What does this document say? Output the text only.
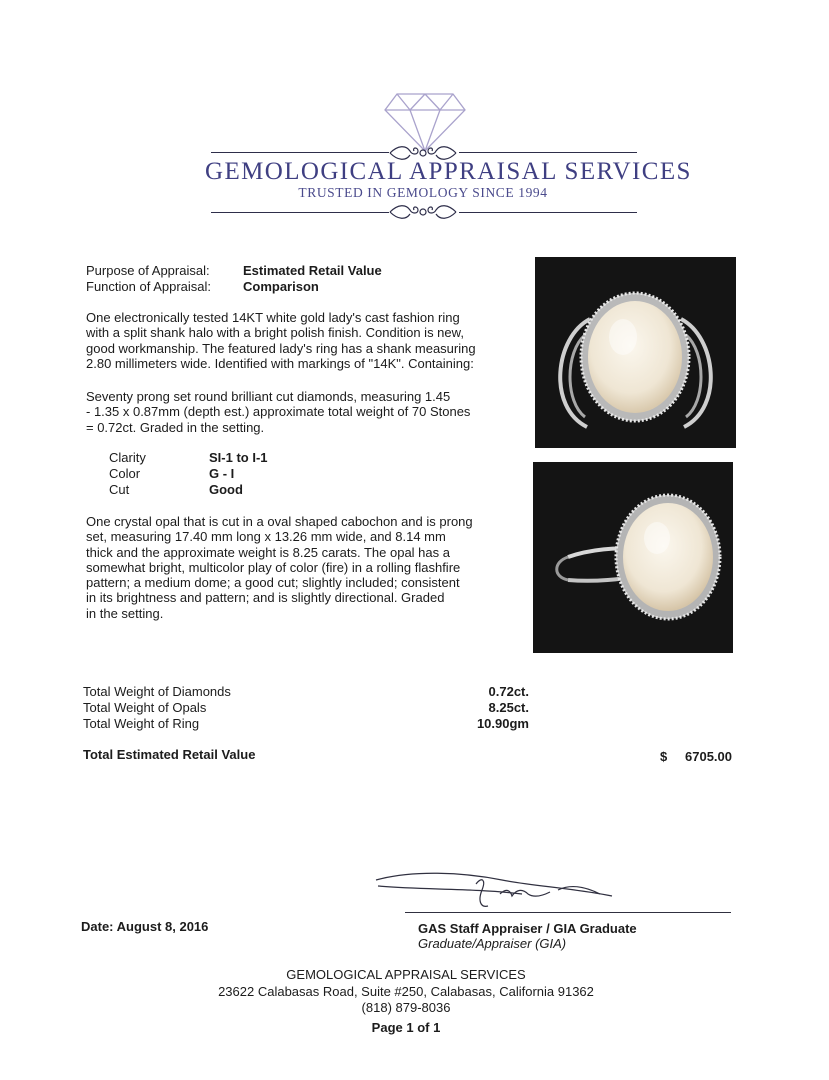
GEMOLOGICAL APPRAISAL SERVICES
TRUSTED IN GEMOLOGY SINCE 1994
Purpose of Appraisal:	Estimated Retail Value
Function of Appraisal: Comparison
One electronically tested 14KT white gold lady's cast fashion ring
with a split shank halo with a bright polish finish. Condition is new,
good workmanship. The featured lady's ring has a shank measuring
2.80 millimeters wide. Identified with markings of "14K". Containing:
Seventy prong set round brilliant cut diamonds, measuring 1.45
- 1.35 x 0.87mm (depth est.) approximate total weight of 70 Stones
= 0.72ct. Graded in the setting.
Clarity	SI-1 to I-1
Color	G - I
Cut	Good
One crystal opal that is cut in a oval shaped cabochon and is prong
set, measuring 17.40 mm long x 13.26 mm wide, and 8.14 mm
thick and the approximate weight is 8.25 carats. The opal has a
somewhat bright, multicolor play of color (fire) in a rolling flashfire
pattern; a medium dome; a good cut; slightly included; consistent
in its brightness and pattern; and is slightly directional. Graded
in the setting.
Total Weight of Diamonds	0.72ct.
Total Weight of Opals	8.25ct.
Total Weight of Ring	10.90gm
Total Estimated Retail Value	$	6705.00
Date: August 8, 2016	GAS Staff Appraiser / GIA Graduate
Graduate/Appraiser (GIA)
GEMOLOGICAL APPRAISAL SERVICES
23622 Calabasas Road, Suite #250, Calabasas, California 91362
(818) 879-8036
Page 1 of 1
